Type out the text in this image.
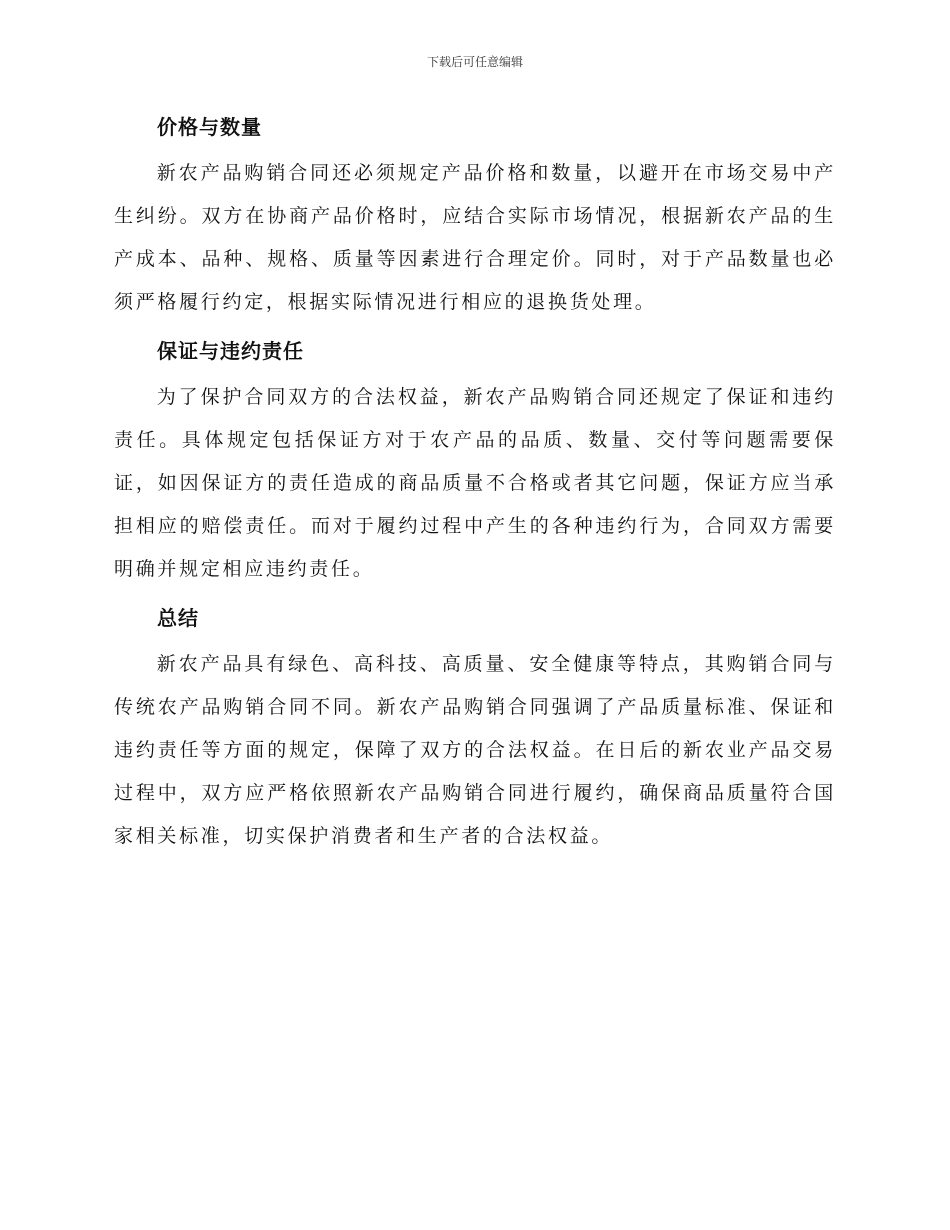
下载后可任意编辑
价格与数量

新农产品购销合同还必须规定产品价格和数量，以避开在市场交易中产生纠纷。双方在协商产品价格时，应结合实际市场情况，根据新农产品的生产成本、品种、规格、质量等因素进行合理定价。同时，对于产品数量也必须严格履行约定，根据实际情况进行相应的退换货处理。

保证与违约责任

为了保护合同双方的合法权益，新农产品购销合同还规定了保证和违约责任。具体规定包括保证方对于农产品的品质、数量、交付等问题需要保证，如因保证方的责任造成的商品质量不合格或者其它问题，保证方应当承担相应的赔偿责任。而对于履约过程中产生的各种违约行为，合同双方需要明确并规定相应违约责任。

总结

新农产品具有绿色、高科技、高质量、安全健康等特点，其购销合同与传统农产品购销合同不同。新农产品购销合同强调了产品质量标准、保证和违约责任等方面的规定，保障了双方的合法权益。在日后的新农业产品交易过程中，双方应严格依照新农产品购销合同进行履约，确保商品质量符合国家相关标准，切实保护消费者和生产者的合法权益。
